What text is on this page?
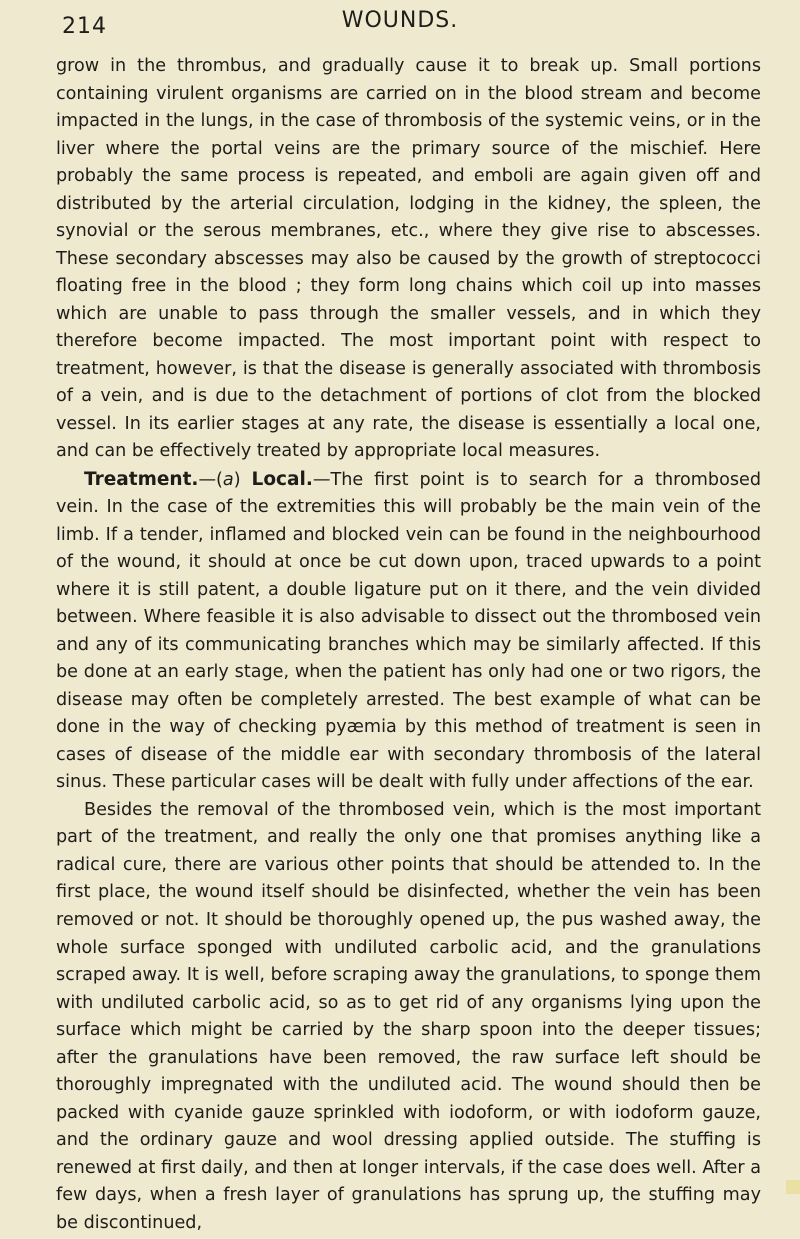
214	WOUNDS.

grow in the thrombus, and gradually cause it to break up. Small portions containing virulent organisms are carried on in the blood stream and become impacted in the lungs, in the case of thrombosis of the systemic veins, or in the liver where the portal veins are the primary source of the mischief. Here probably the same process is repeated, and emboli are again given off and distributed by the arterial circulation, lodging in the kidney, the spleen, the synovial or the serous membranes, etc., where they give rise to abscesses. These secondary abscesses may also be caused by the growth of streptococci floating free in the blood ; they form long chains which coil up into masses which are unable to pass through the smaller vessels, and in which they therefore become impacted. The most important point with respect to treatment, however, is that the disease is generally associated with thrombosis of a vein, and is due to the detachment of portions of clot from the blocked vessel. In its earlier stages at any rate, the disease is essentially a local one, and can be effectively treated by appropriate local measures.

Treatment.—(a) Local.—The first point is to search for a thrombosed vein. In the case of the extremities this will probably be the main vein of the limb. If a tender, inflamed and blocked vein can be found in the neighbourhood of the wound, it should at once be cut down upon, traced upwards to a point where it is still patent, a double ligature put on it there, and the vein divided between. Where feasible it is also advisable to dissect out the thrombosed vein and any of its communicating branches which may be similarly affected. If this be done at an early stage, when the patient has only had one or two rigors, the disease may often be completely arrested. The best example of what can be done in the way of checking pyæmia by this method of treatment is seen in cases of disease of the middle ear with secondary thrombosis of the lateral sinus. These particular cases will be dealt with fully under affections of the ear.

Besides the removal of the thrombosed vein, which is the most important part of the treatment, and really the only one that promises anything like a radical cure, there are various other points that should be attended to. In the first place, the wound itself should be disinfected, whether the vein has been removed or not. It should be thoroughly opened up, the pus washed away, the whole surface sponged with undiluted carbolic acid, and the granulations scraped away. It is well, before scraping away the granulations, to sponge them with undiluted carbolic acid, so as to get rid of any organisms lying upon the surface which might be carried by the sharp spoon into the deeper tissues; after the granulations have been removed, the raw surface left should be thoroughly impregnated with the undiluted acid. The wound should then be packed with cyanide gauze sprinkled with iodoform, or with iodoform gauze, and the ordinary gauze and wool dressing applied outside. The stuffing is renewed at first daily, and then at longer intervals, if the case does well. After a few days, when a fresh layer of granulations has sprung up, the stuffing may be discontinued,
